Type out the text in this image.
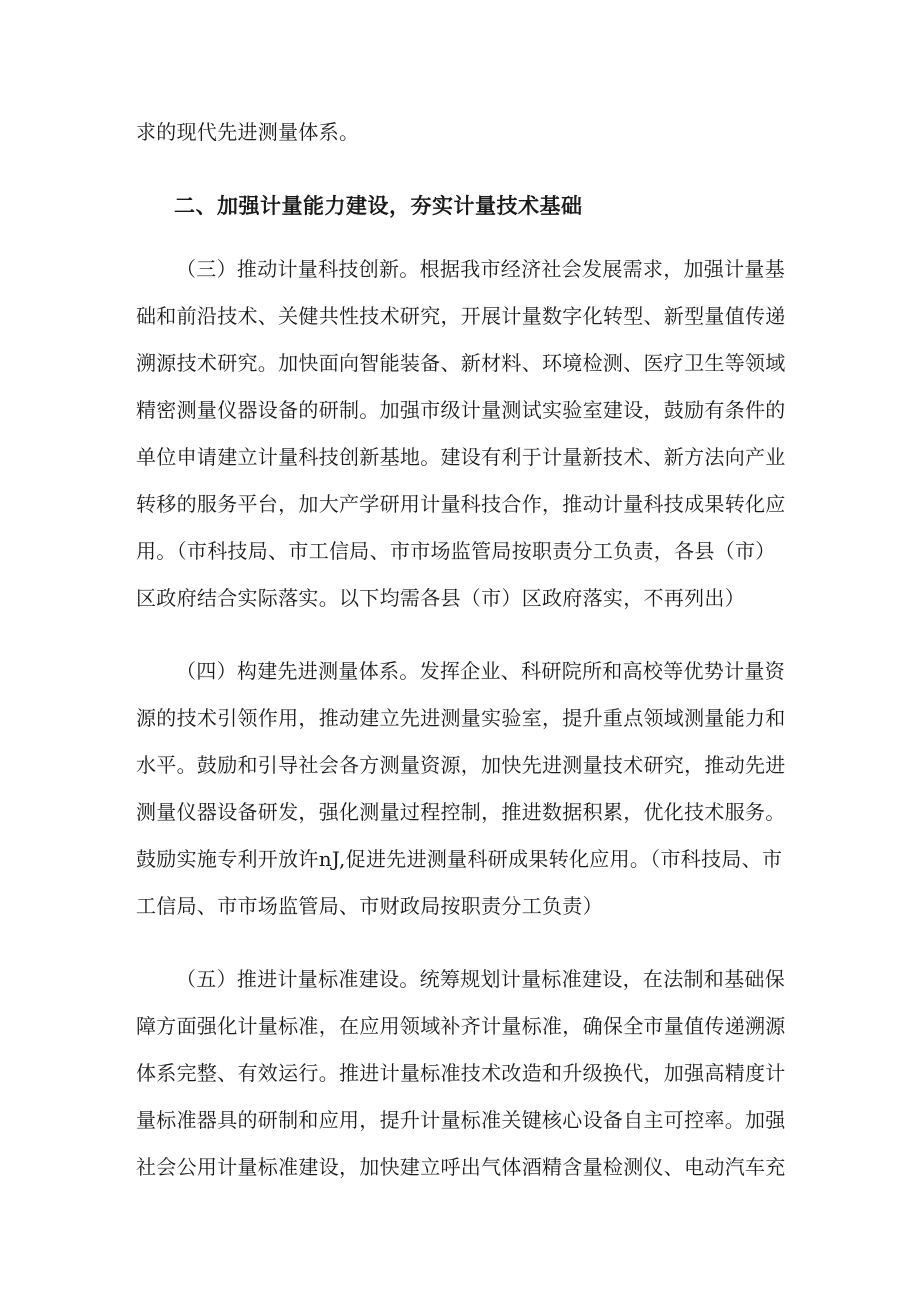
求的现代先进测量体系。
二、加强计量能力建设，夯实计量技术基础
（三）推动计量科技创新。根据我市经济社会发展需求，加强计量基
础和前沿技术、关健共性技术研究，开展计量数字化转型、新型量值传递
溯源技术研究。加快面向智能装备、新材料、环境检测、医疗卫生等领域
精密测量仪器设备的研制。加强市级计量测试实验室建设，鼓励有条件的
单位申请建立计量科技创新基地。建设有利于计量新技术、新方法向产业
转移的服务平台，加大产学研用计量科技合作，推动计量科技成果转化应
用。（市科技局、市工信局、市市场监管局按职责分工负责，各县（市）
区政府结合实际落实。以下均需各县（市）区政府落实，不再列出）
（四）构建先进测量体系。发挥企业、科研院所和高校等优势计量资
源的技术引领作用，推动建立先进测量实验室，提升重点领域测量能力和
水平。鼓励和引导社会各方测量资源，加快先进测量技术研究，推动先进
测量仪器设备研发，强化测量过程控制，推进数据积累，优化技术服务。
鼓励实施专利开放许nJ,促进先进测量科研成果转化应用。（市科技局、市
工信局、市市场监管局、市财政局按职责分工负责）
（五）推进计量标准建设。统筹规划计量标准建设，在法制和基础保
障方面强化计量标准，在应用领域补齐计量标准，确保全市量值传递溯源
体系完整、有效运行。推进计量标准技术改造和升级换代，加强高精度计
量标准器具的研制和应用，提升计量标准关键核心设备自主可控率。加强
社会公用计量标准建设，加快建立呼出气体酒精含量检测仪、电动汽车充
